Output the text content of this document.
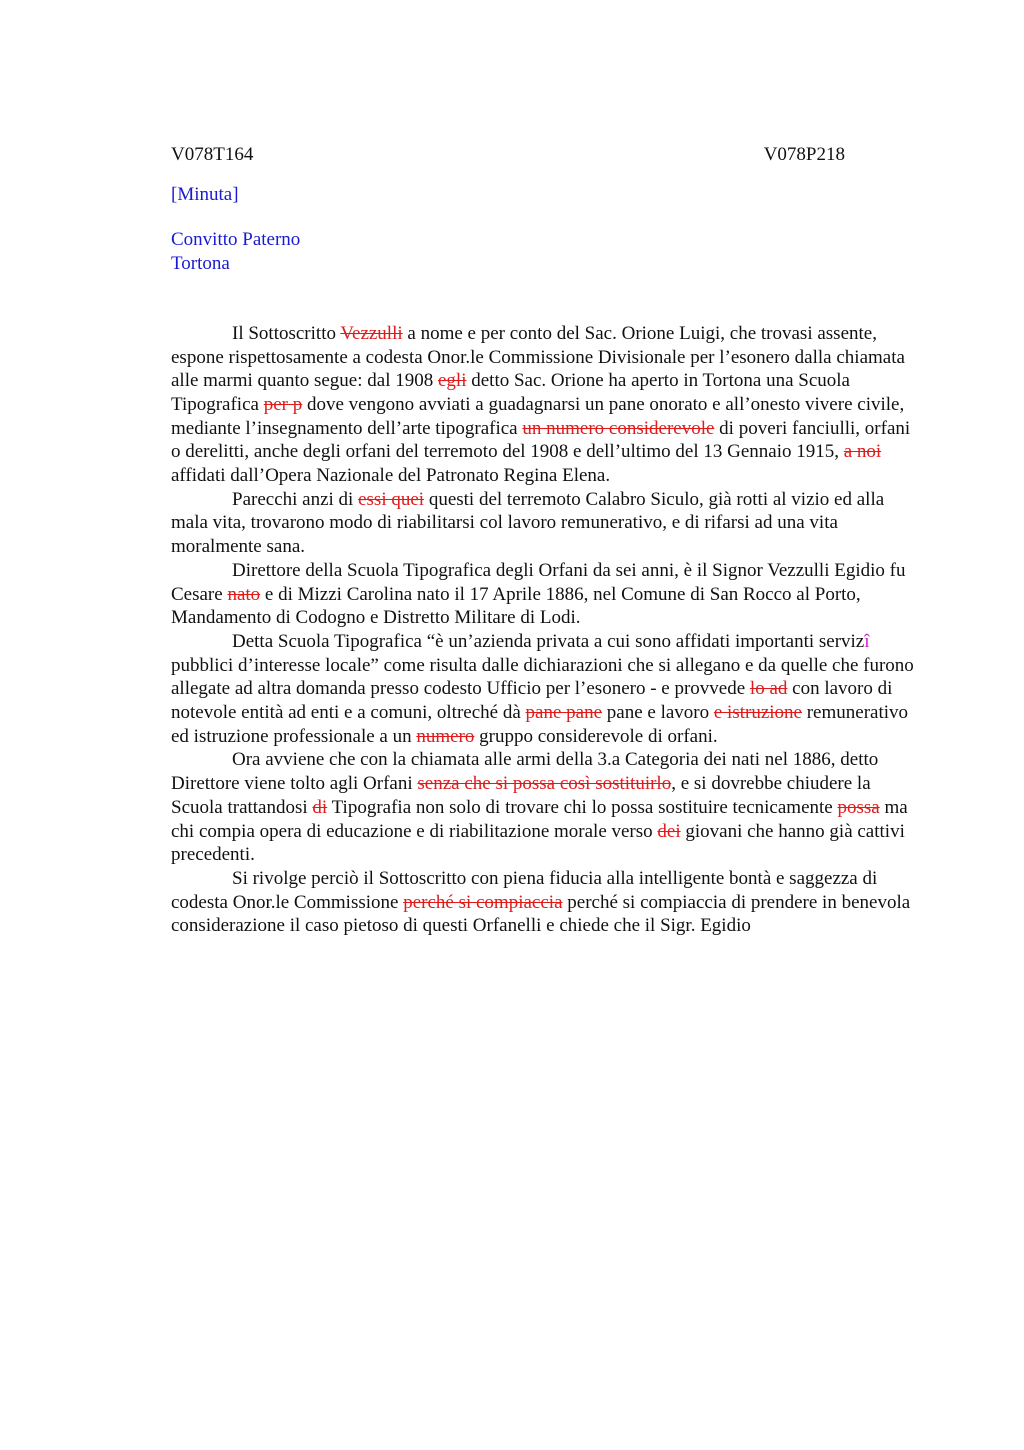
V078T164	V078P218
[Minuta]
Convitto Paterno
Tortona

Il Sottoscritto Vezzulli a nome e per conto del Sac. Orione Luigi, che trovasi assente, espone rispettosamente a codesta Onor.le Commissione Divisionale per l’esonero dalla chiamata alle marmi quanto segue: dal 1908 egli detto Sac. Orione ha aperto in Tortona una Scuola Tipografica per p dove vengono avviati a guadagnarsi un pane onorato e all’onesto vivere civile, mediante l’insegnamento dell’arte tipografica un numero considerevole di poveri fanciulli, orfani o derelitti, anche degli orfani del terremoto del 1908 e dell’ultimo del 13 Gennaio 1915, a noi affidati dall’Opera Nazionale del Patronato Regina Elena.

Parecchi anzi di essi quei questi del terremoto Calabro Siculo, già rotti al vizio ed alla mala vita, trovarono modo di riabilitarsi col lavoro remunerativo, e di rifarsi ad una vita moralmente sana.

Direttore della Scuola Tipografica degli Orfani da sei anni, è il Signor Vezzulli Egidio fu Cesare nato e di Mizzi Carolina nato il 17 Aprile 1886, nel Comune di San Rocco al Porto, Mandamento di Codogno e Distretto Militare di Lodi.

Detta Scuola Tipografica “è un’azienda privata a cui sono affidati importanti servizî pubblici d’interesse locale” come risulta dalle dichiarazioni che si allegano e da quelle che furono allegate ad altra domanda presso codesto Ufficio per l’esonero - e provvede lo ad con lavoro di notevole entità ad enti e a comuni, oltreché dà pane pane pane e lavoro e istruzione remunerativo ed istruzione professionale a un numero gruppo considerevole di orfani.

Ora avviene che con la chiamata alle armi della 3.a Categoria dei nati nel 1886, detto Direttore viene tolto agli Orfani senza che si possa così sostituirlo, e si dovrebbe chiudere la Scuola trattandosi di Tipografia non solo di trovare chi lo possa sostituire tecnicamente possa ma chi compia opera di educazione e di riabilitazione morale verso dei giovani che hanno già cattivi precedenti.

Si rivolge perciò il Sottoscritto con piena fiducia alla intelligente bontà e saggezza di codesta Onor.le Commissione perché si compiaccia perché si compiaccia di prendere in benevola considerazione il caso pietoso di questi Orfanelli e chiede che il Sigr. Egidio
